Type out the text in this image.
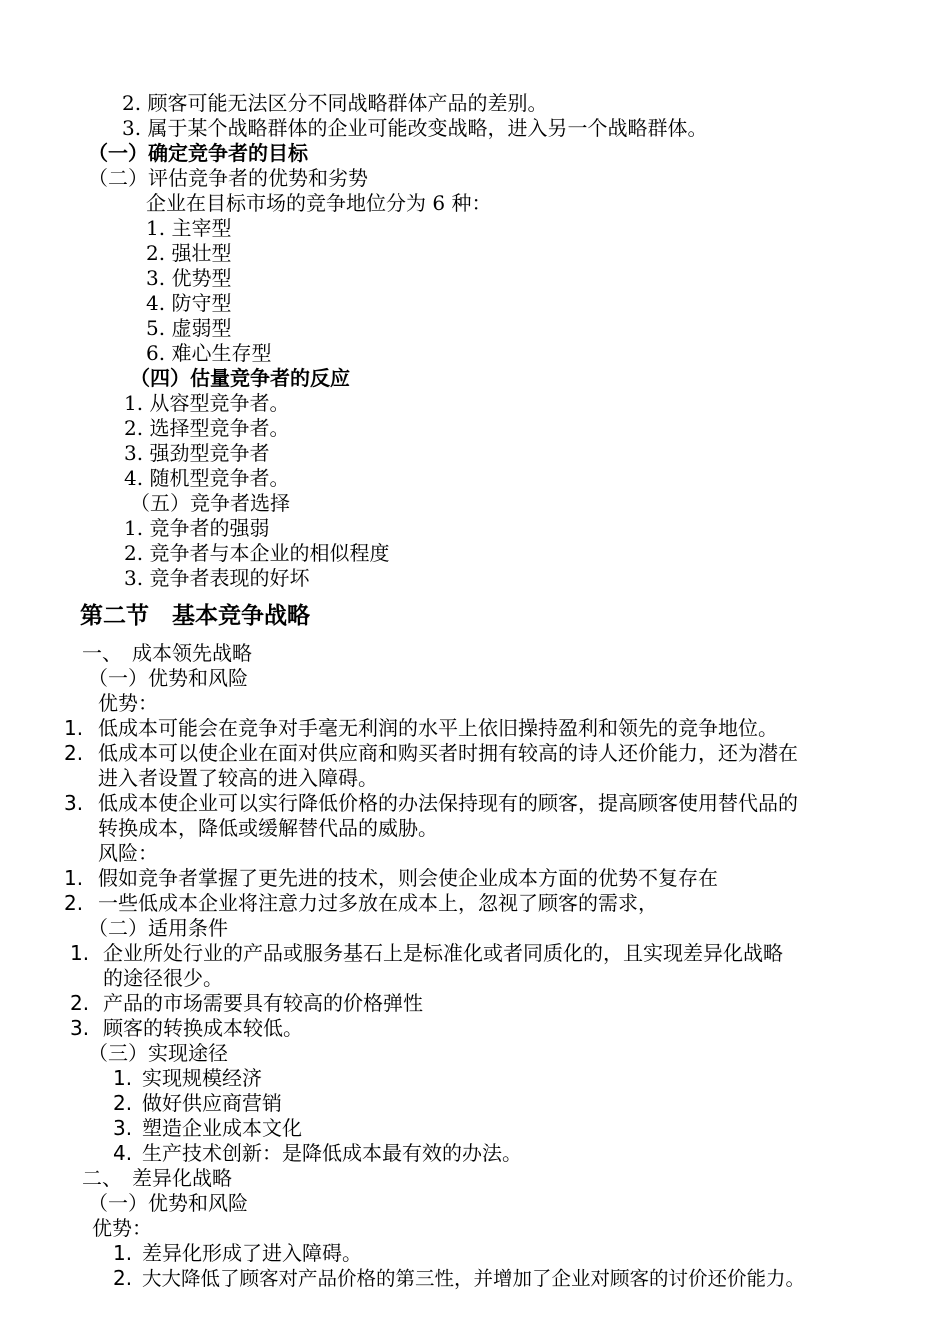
2. 顾客可能无法区分不同战略群体产品的差别。
3. 属于某个战略群体的企业可能改变战略，进入另一个战略群体。
（一）确定竞争者的目标
（二）评估竞争者的优势和劣势
企业在目标市场的竞争地位分为 6 种：
1. 主宰型
2. 强壮型
3. 优势型
4. 防守型
5. 虚弱型
6. 难心生存型
（四）估量竞争者的反应
1. 从容型竞争者。
2. 选择型竞争者。
3. 强劲型竞争者
4. 随机型竞争者。
（五）竞争者选择
1. 竞争者的强弱
2. 竞争者与本企业的相似程度
3. 竞争者表现的好坏
第二节　基本竞争战略
一、　成本领先战略
（一）优势和风险
优势：
1. 低成本可能会在竞争对手毫无利润的水平上依旧操持盈利和领先的竞争地位。
2. 低成本可以使企业在面对供应商和购买者时拥有较高的诗人还价能力，还为潜在
进入者设置了较高的进入障碍。
3. 低成本使企业可以实行降低价格的办法保持现有的顾客，提高顾客使用替代品的
转换成本，降低或缓解替代品的威胁。
风险：
1. 假如竞争者掌握了更先进的技术，则会使企业成本方面的优势不复存在
2. 一些低成本企业将注意力过多放在成本上，忽视了顾客的需求，
（二）适用条件
1. 企业所处行业的产品或服务基石上是标准化或者同质化的，且实现差异化战略
的途径很少。
2. 产品的市场需要具有较高的价格弹性
3. 顾客的转换成本较低。
（三）实现途径
1. 实现规模经济
2. 做好供应商营销
3. 塑造企业成本文化
4. 生产技术创新：是降低成本最有效的办法。
二、　差异化战略
（一）优势和风险
优势：
1. 差异化形成了进入障碍。
2. 大大降低了顾客对产品价格的第三性，并增加了企业对顾客的讨价还价能力。
